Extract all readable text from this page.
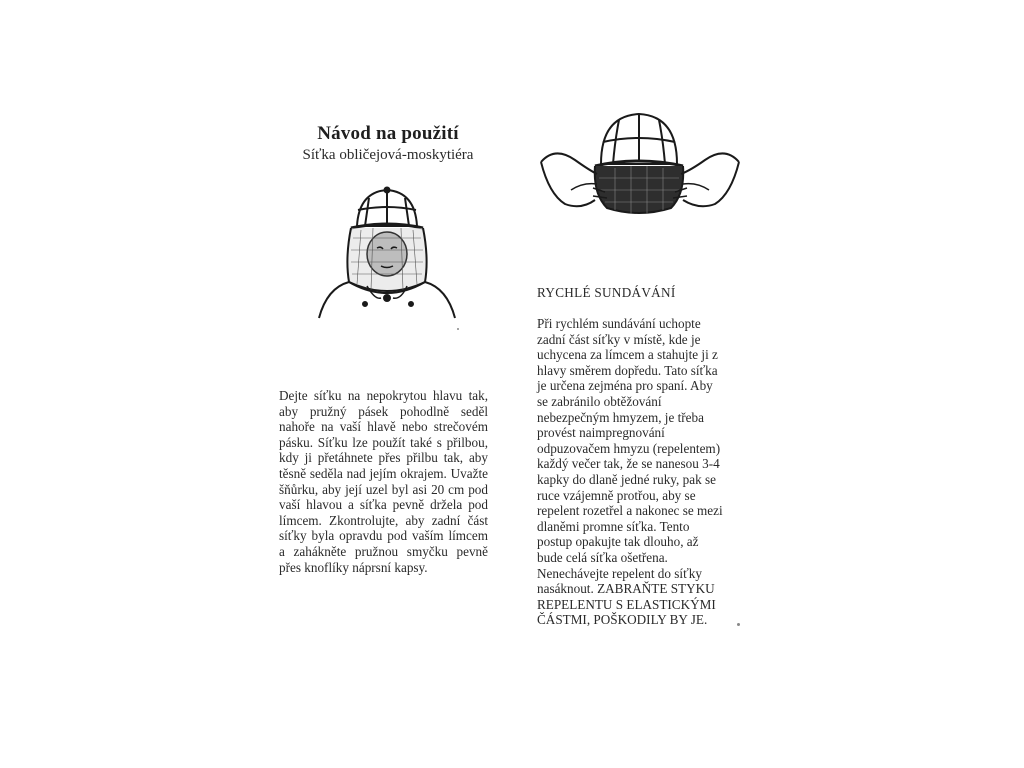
Návod na použití
Síťka obličejová-moskytiéra
Dejte síťku na nepokrytou hlavu tak, aby pružný pásek pohodlně seděl nahoře na vaší hlavě nebo strečovém pásku. Síťku lze použít také s přilbou, kdy ji přetáhnete přes přilbu tak, aby těsně seděla nad jejím okrajem. Uvažte šňůrku, aby její uzel byl asi 20 cm pod vaší hlavou a síťka pevně držela pod límcem. Zkontrolujte, aby zadní část síťky byla opravdu pod vaším límcem a zahákněte pružnou smyčku pevně přes knoflíky náprsní kapsy.
RYCHLÉ SUNDÁVÁNÍ
Při rychlém sundávání uchopte
zadní část síťky v místě, kde je
uchycena za límcem a stahujte ji z
hlavy směrem dopředu. Tato síťka
je určena zejména pro spaní. Aby
se zabránilo obtěžování
nebezpečným hmyzem, je třeba
provést naimpregnování
odpuzovačem hmyzu (repelentem)
každý večer tak, že se nanesou 3-4
kapky do dlaně jedné ruky, pak se
ruce vzájemně protřou, aby se
repelent rozetřel a nakonec se mezi
dlaněmi promne síťka. Tento
postup opakujte tak dlouho, až
bude celá síťka ošetřena.
Nenechávejte repelent do síťky
nasáknout. ZABRAŇTE STYKU
REPELENTU S ELASTICKÝMI
ČÁSTMI, POŠKODILY BY JE.
